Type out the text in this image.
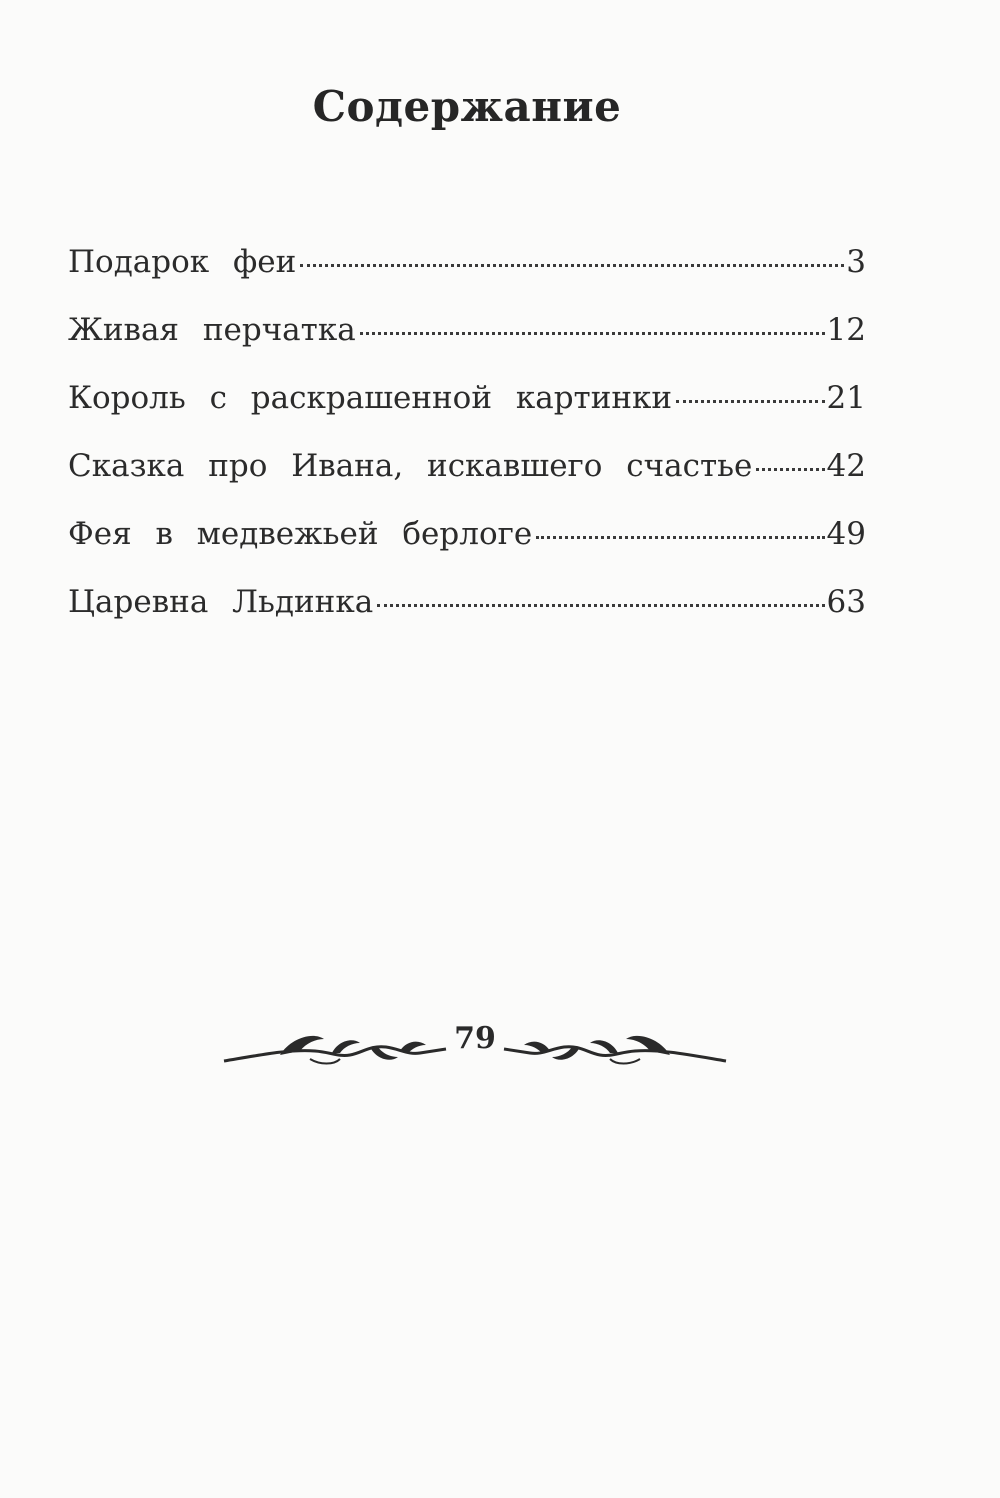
Содержание
Подарок феи	3
Живая перчатка	12
Король с раскрашенной картинки	21
Сказка про Ивана, искавшего счастье 42
Фея в медвежьей берлоге	49
Царевна Льдинка	63
79
